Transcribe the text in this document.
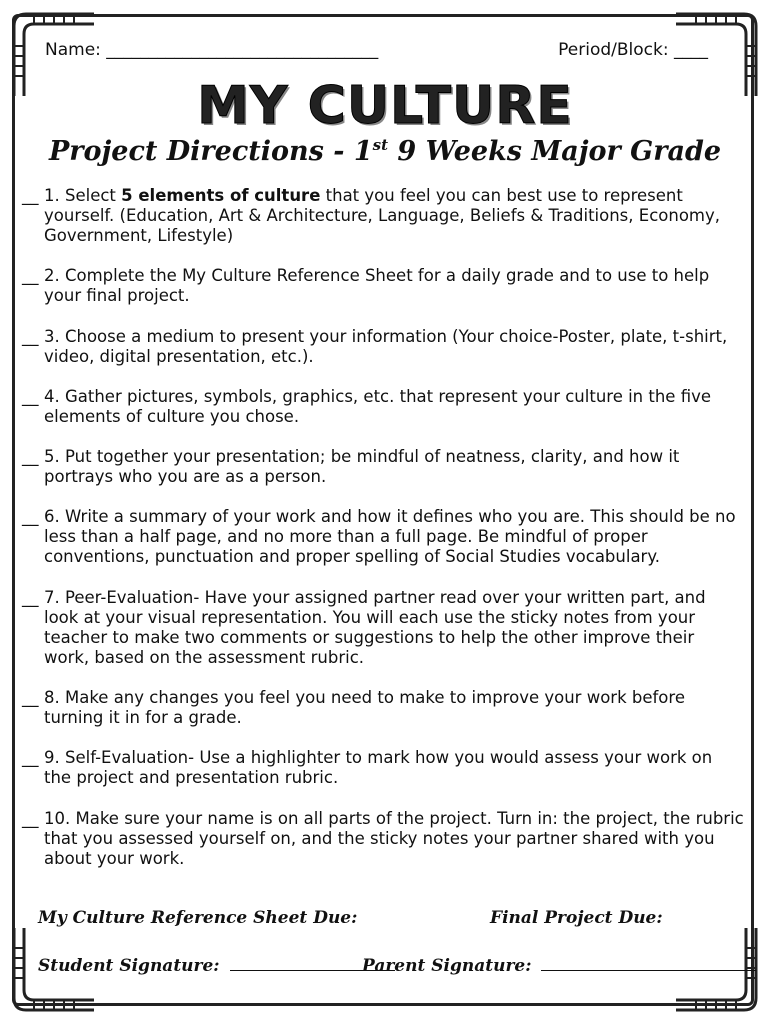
Name: ________________________________	Period/Block: ____
MY CULTURE
Project Directions - 1st 9 Weeks Major Grade
__ 1. Select 5 elements of culture that you feel you can best use to represent yourself. (Education, Art & Architecture, Language, Beliefs & Traditions, Economy, Government, Lifestyle)
__ 2. Complete the My Culture Reference Sheet for a daily grade and to use to help your final project.
__ 3. Choose a medium to present your information (Your choice-Poster, plate, t-shirt, video, digital presentation, etc.).
__ 4. Gather pictures, symbols, graphics, etc. that represent your culture in the five elements of culture you chose.
__ 5. Put together your presentation; be mindful of neatness, clarity, and how it portrays who you are as a person.
__ 6. Write a summary of your work and how it defines who you are. This should be no less than a half page, and no more than a full page. Be mindful of proper conventions, punctuation and proper spelling of Social Studies vocabulary.
__ 7. Peer-Evaluation- Have your assigned partner read over your written part, and look at your visual representation. You will each use the sticky notes from your teacher to make two comments or suggestions to help the other improve their work, based on the assessment rubric.
__ 8. Make any changes you feel you need to make to improve your work before turning it in for a grade.
__ 9. Self-Evaluation- Use a highlighter to mark how you would assess your work on the project and presentation rubric.
__ 10. Make sure your name is on all parts of the project. Turn in: the project, the rubric that you assessed yourself on, and the sticky notes your partner shared with you about your work.
My Culture Reference Sheet Due:	Final Project Due:
Student Signature:	Parent Signature:
